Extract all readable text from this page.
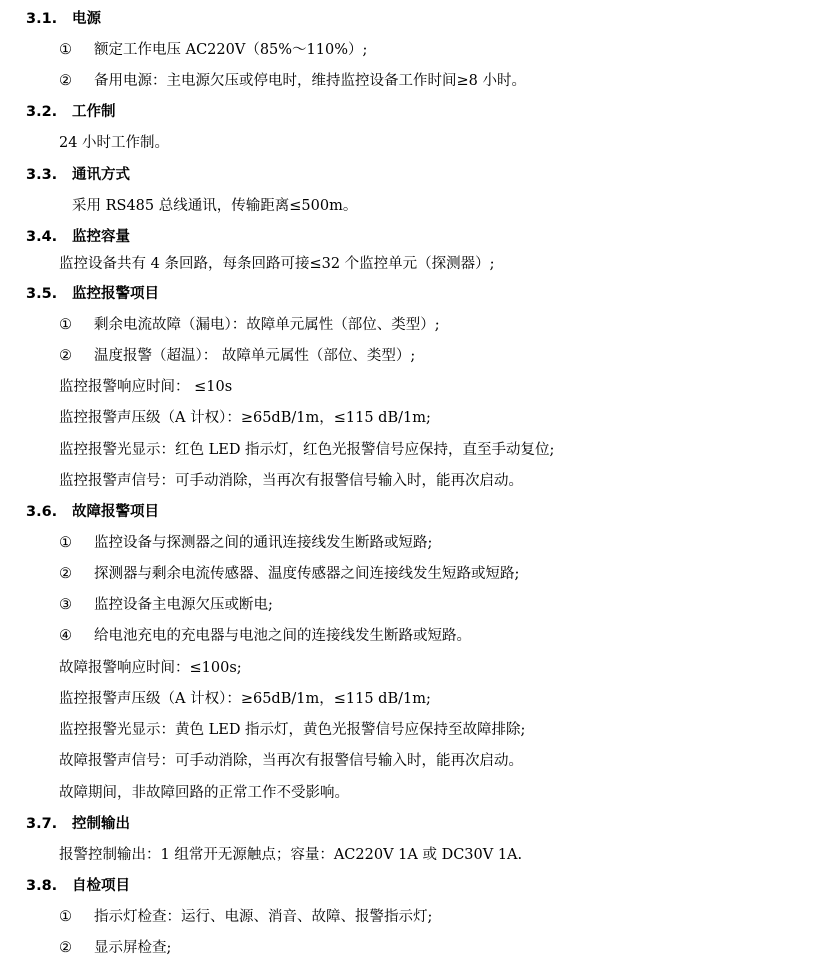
3.1. 电源
① 额定工作电压 AC220V（85%～110%）;
② 备用电源：主电源欠压或停电时，维持监控设备工作时间≥8 小时。
3.2. 工作制
24 小时工作制。
3.3. 通讯方式
采用 RS485 总线通讯，传输距离≤500m。
3.4. 监控容量
监控设备共有 4 条回路，每条回路可接≤32 个监控单元（探测器）;
3.5. 监控报警项目
① 剩余电流故障（漏电）：故障单元属性（部位、类型）;
② 温度报警（超温）： 故障单元属性（部位、类型）;
监控报警响应时间： ≤10s
监控报警声压级（A 计权）：≥65dB/1m，≤115 dB/1m;
监控报警光显示：红色 LED 指示灯，红色光报警信号应保持，直至手动复位;
监控报警声信号：可手动消除，当再次有报警信号输入时，能再次启动。
3.6. 故障报警项目
① 监控设备与探测器之间的通讯连接线发生断路或短路;
② 探测器与剩余电流传感器、温度传感器之间连接线发生短路或短路;
③ 监控设备主电源欠压或断电;
④ 给电池充电的充电器与电池之间的连接线发生断路或短路。
故障报警响应时间：≤100s;
监控报警声压级（A 计权）：≥65dB/1m，≤115 dB/1m;
监控报警光显示：黄色 LED 指示灯，黄色光报警信号应保持至故障排除;
故障报警声信号：可手动消除，当再次有报警信号输入时，能再次启动。
故障期间，非故障回路的正常工作不受影响。
3.7. 控制输出
报警控制输出：1 组常开无源触点；容量：AC220V 1A 或 DC30V 1A.
3.8. 自检项目
① 指示灯检查：运行、电源、消音、故障、报警指示灯;
② 显示屏检查;
